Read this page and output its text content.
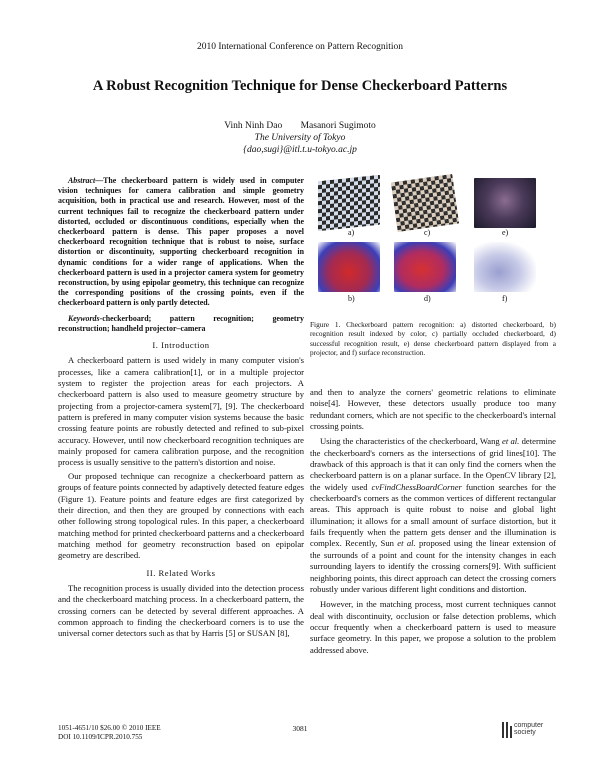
2010 International Conference on Pattern Recognition
A Robust Recognition Technique for Dense Checkerboard Patterns
Vinh Ninh Dao Masanori Sugimoto
The University of Tokyo
{dao,sugi}@itl.t.u-tokyo.ac.jp
Abstract—The checkerboard pattern is widely used in computer vision techniques for camera calibration and simple geometry acquisition, both in practical use and research. However, most of the current techniques fail to recognize the checkerboard pattern under distorted, occluded or discontinuous conditions, especially when the checkerboard pattern is dense. This paper proposes a novel checkerboard recognition technique that is robust to noise, surface distortion or discontinuity, supporting checkerboard recognition in dynamic conditions for a wider range of applications. When the checkerboard pattern is used in a projector camera system for geometry reconstruction, by using epipolar geometry, this technique can recognize the corresponding positions of the crossing points, even if the checkerboard pattern is only partly detected.
Keywords-checkerboard; pattern recognition; geometry reconstruction; handheld projector–camera
I. Introduction
A checkerboard pattern is used widely in many computer vision's processes, like a camera calibration[1], or in a multiple projector system to register the projection areas for each projectors. A checkerboard pattern is also used to measure geometry structure by projecting from a projector-camera system[7], [9]. The checkerboard pattern is prefered in many computer vision systems because the basic crossing feature points are robustly detected and refined to sub-pixel accuracy. However, until now checkerboard recognition techniques are mainly proposed for camera calibration purpose, and the recognition process is usually sensitive to the pattern's distortion and noise.
Our proposed technique can recognize a checkerboard pattern as groups of feature points connected by adaptively detected feature edges (Figure 1). Feature points and feature edges are first categorized by their direction, and then they are grouped by connections with each other following strong topological rules. In this paper, a checkerboard matching method for printed checkerboard patterns and a checkerboard matching method for geometry reconstruction based on epipolar geometry are described.
II. Related Works
The recognition process is usually divided into the detection process and the checkerboard matching process. In a checkerboard pattern, the crossing corners can be detected by several different approaches. A common approach to finding the checkerboard corners is to use the universal corner detectors such as that by Harris [5] or SUSAN [8],
a)	c)	e)
b)	d)	f)
Figure 1. Checkerboard pattern recognition: a) distorted checkerboard, b) recognition result indexed by color, c) partially occluded checkerboard, d) successful recognition result, e) dense checkerboard pattern displayed from a projector, and f) surface reconstruction.
and then to analyze the corners' geometric relations to eliminate noise[4]. However, these detectors usually produce too many redundant corners, which are not specific to the checkerboard's internal crossing points.
Using the characteristics of the checkerboard, Wang et al. determine the checkerboard's corners as the intersections of grid lines[10]. The drawback of this approach is that it can only find the corners when the checkerboard pattern is on a planar surface. In the OpenCV library [2], the widely used cvFindChessBoardCorner function searches for the checkerboard's corners as the common vertices of different rectangular areas. This approach is quite robust to noise and global light illumination; it allows for a small amount of surface distortion, but it fails frequently when the pattern gets denser and the illumination is complex. Recently, Sun et al. proposed using the linear extension of the surrounds of a point and count for the intensity changes in each surrounding layers to identify the crossing corners[9]. With sufficient neighboring points, this direct approach can detect the crossing corners robustly under various different light conditions and distortion.
However, in the matching process, most current techniques cannot deal with discontinuity, occlusion or false detection problems, which occur frequently when a checkerboard pattern is used to measure surface geometry. In this paper, we propose a solution to the problem addressed above.
1051-4651/10 $26.00 © 2010 IEEE
DOI 10.1109/ICPR.2010.755
3081	computer
society
